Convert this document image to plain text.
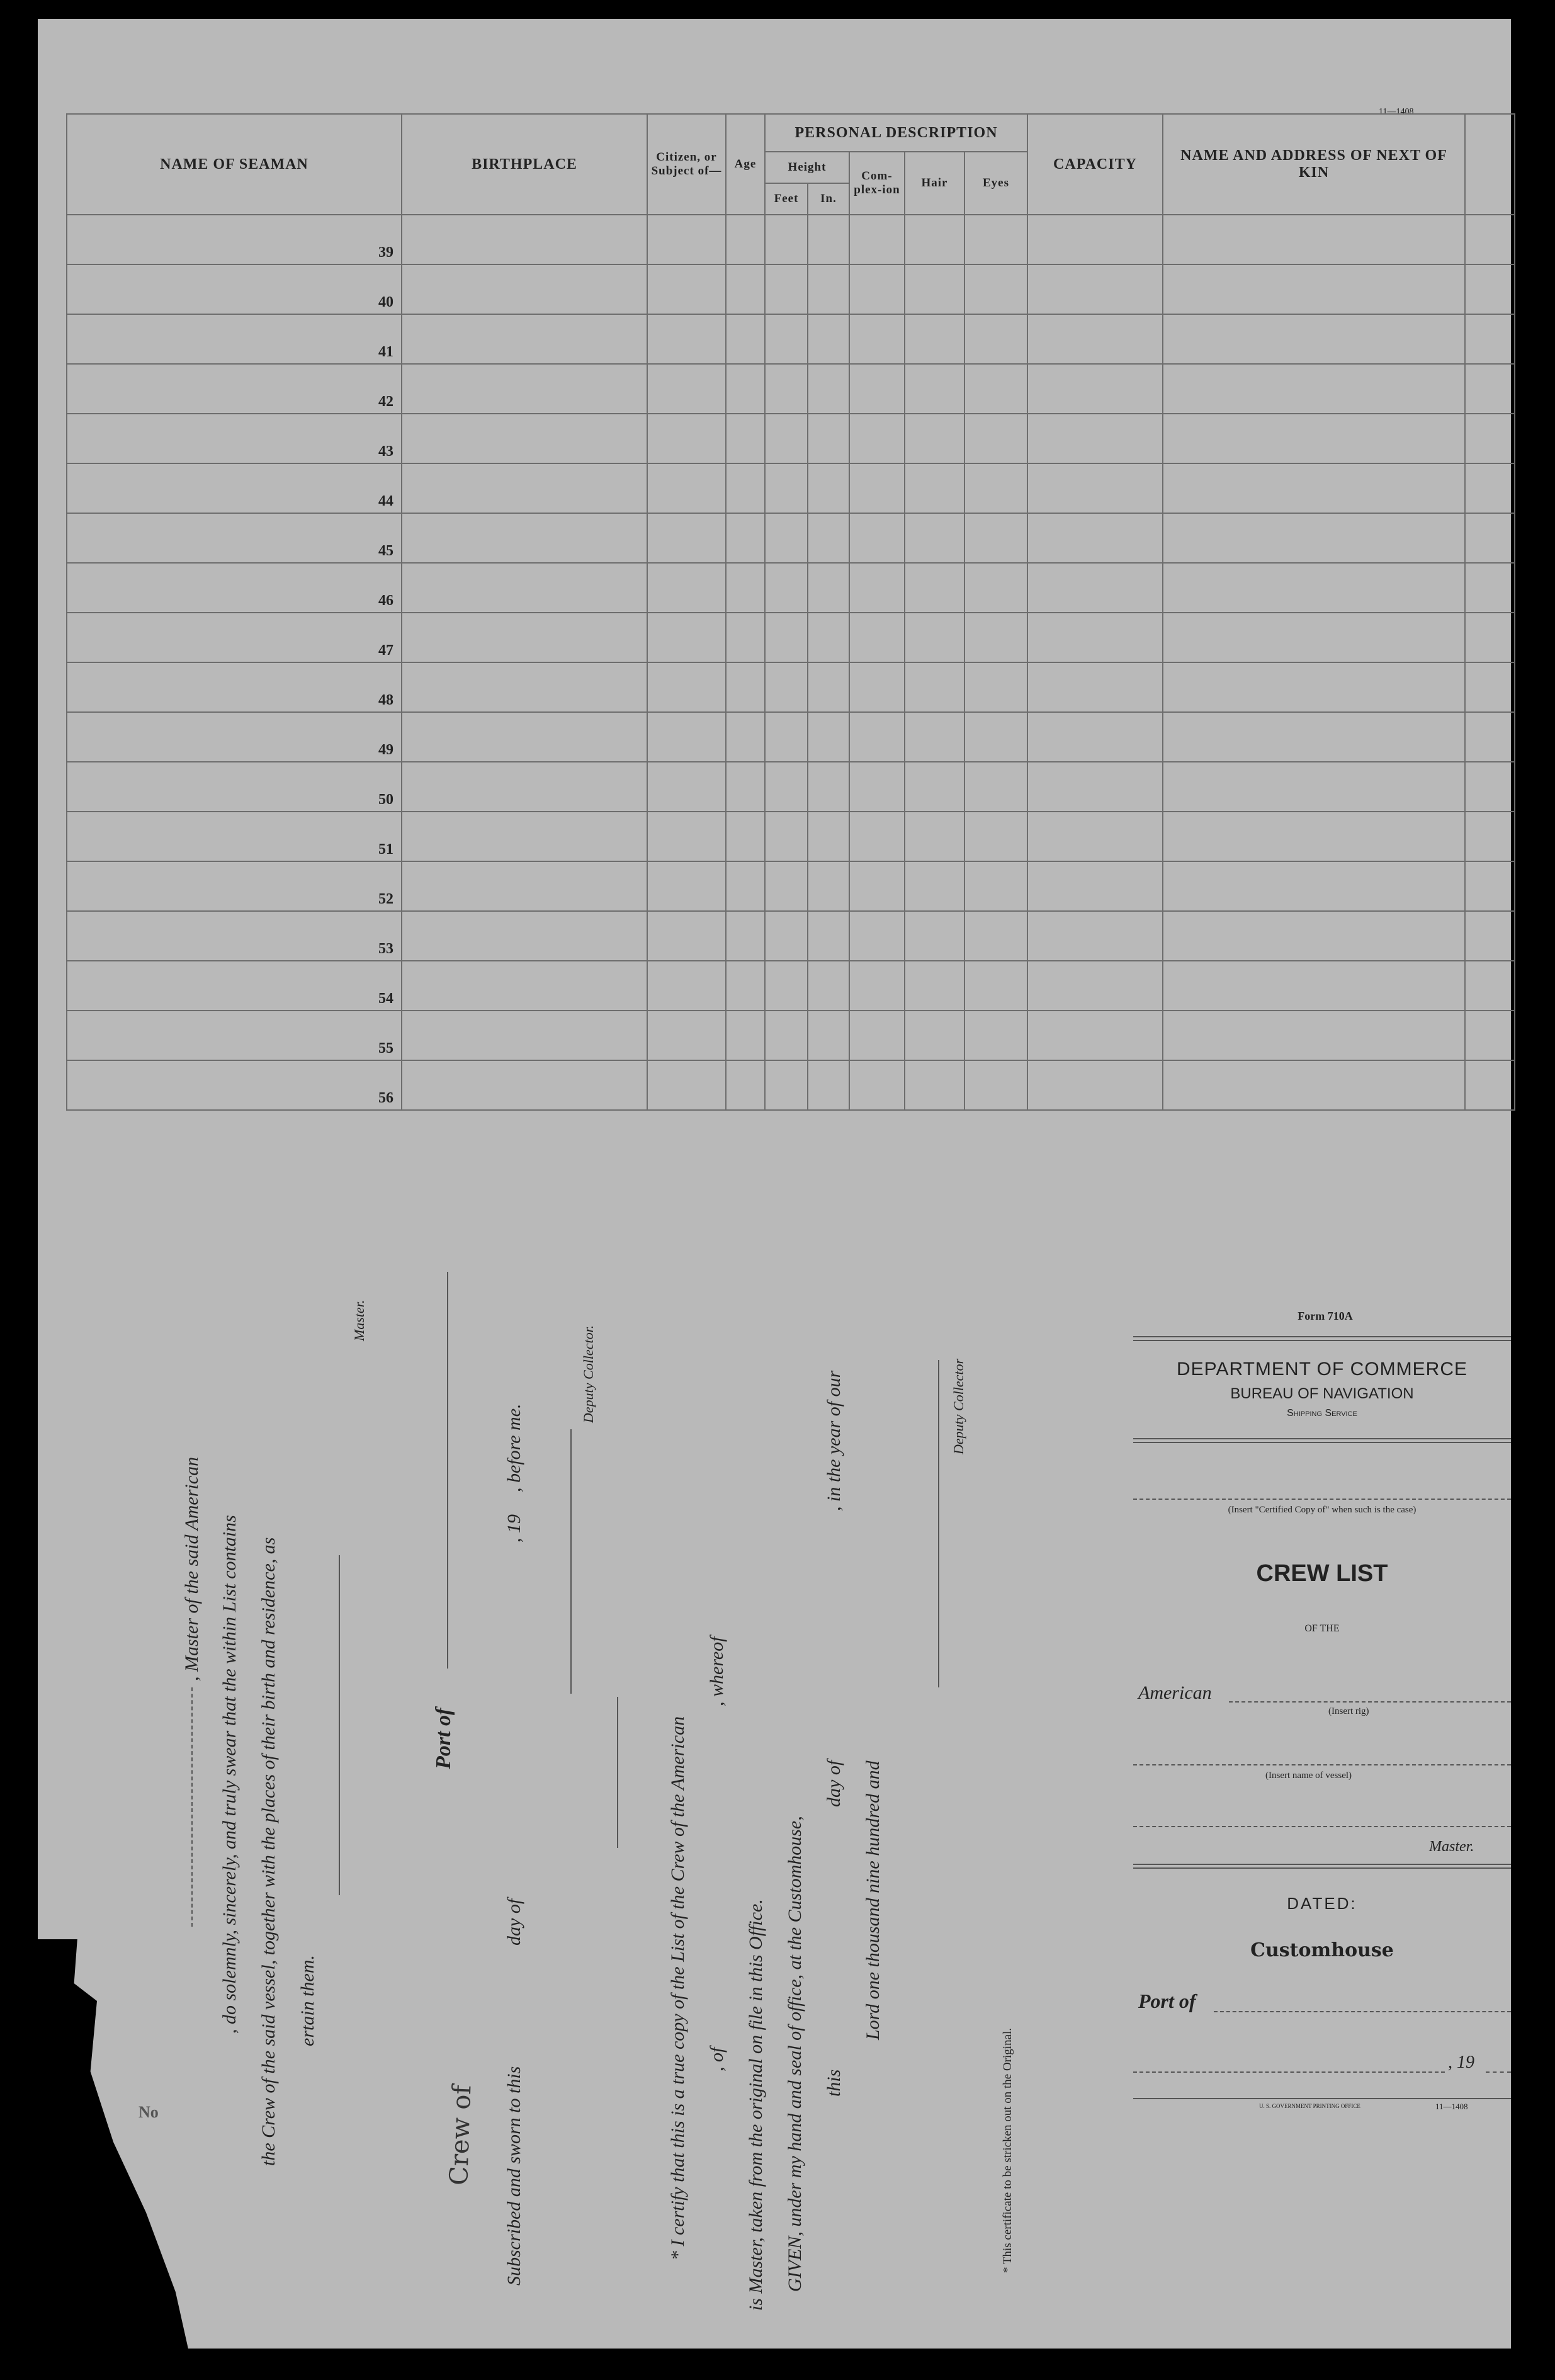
11—1408
NAME OF SEAMAN	BIRTHPLACE	Citizen, or Subject of—	Age	PERSONAL DESCRIPTION					CAPACITY	NAME AND ADDRESS OF NEXT OF KIN	
				Height		Com-plex-ion	Hair	Eyes			
				Feet	In.						
39											
40											
41											
42											
43											
44											
45											
46											
47											
48											
49											
50											
51											
52											
53											
54											
55											
56											
, Master of the said American , do solemnly, sincerely, and truly swear that the within List contains the Crew of the said vessel, together with the places of their birth and residence, as ertain them.
Master.
Port of
Subscribed and sworn to this
day of
, 19
, before me.
Deputy Collector.
Crew of	* I certify that this is a true copy of the List of the Crew of the American , of
, whereof
is Master, taken from the original on file in this Office. GIVEN, under my hand and seal of office, at the Customhouse, this
day of
, in the year of our
Lord one thousand nine hundred and
Deputy Collector
* This certificate to be stricken out on the Original.
No
Form 710A
DEPARTMENT OF COMMERCE
BUREAU OF NAVIGATION
Shipping Service
(Insert "Certified Copy of" when such is the case)
CREW LIST
OF THE
American
(Insert rig)
(Insert name of vessel)
Master.
DATED:
Customhouse
Port of
, 19
U. S. GOVERNMENT PRINTING OFFICE	11—1408
